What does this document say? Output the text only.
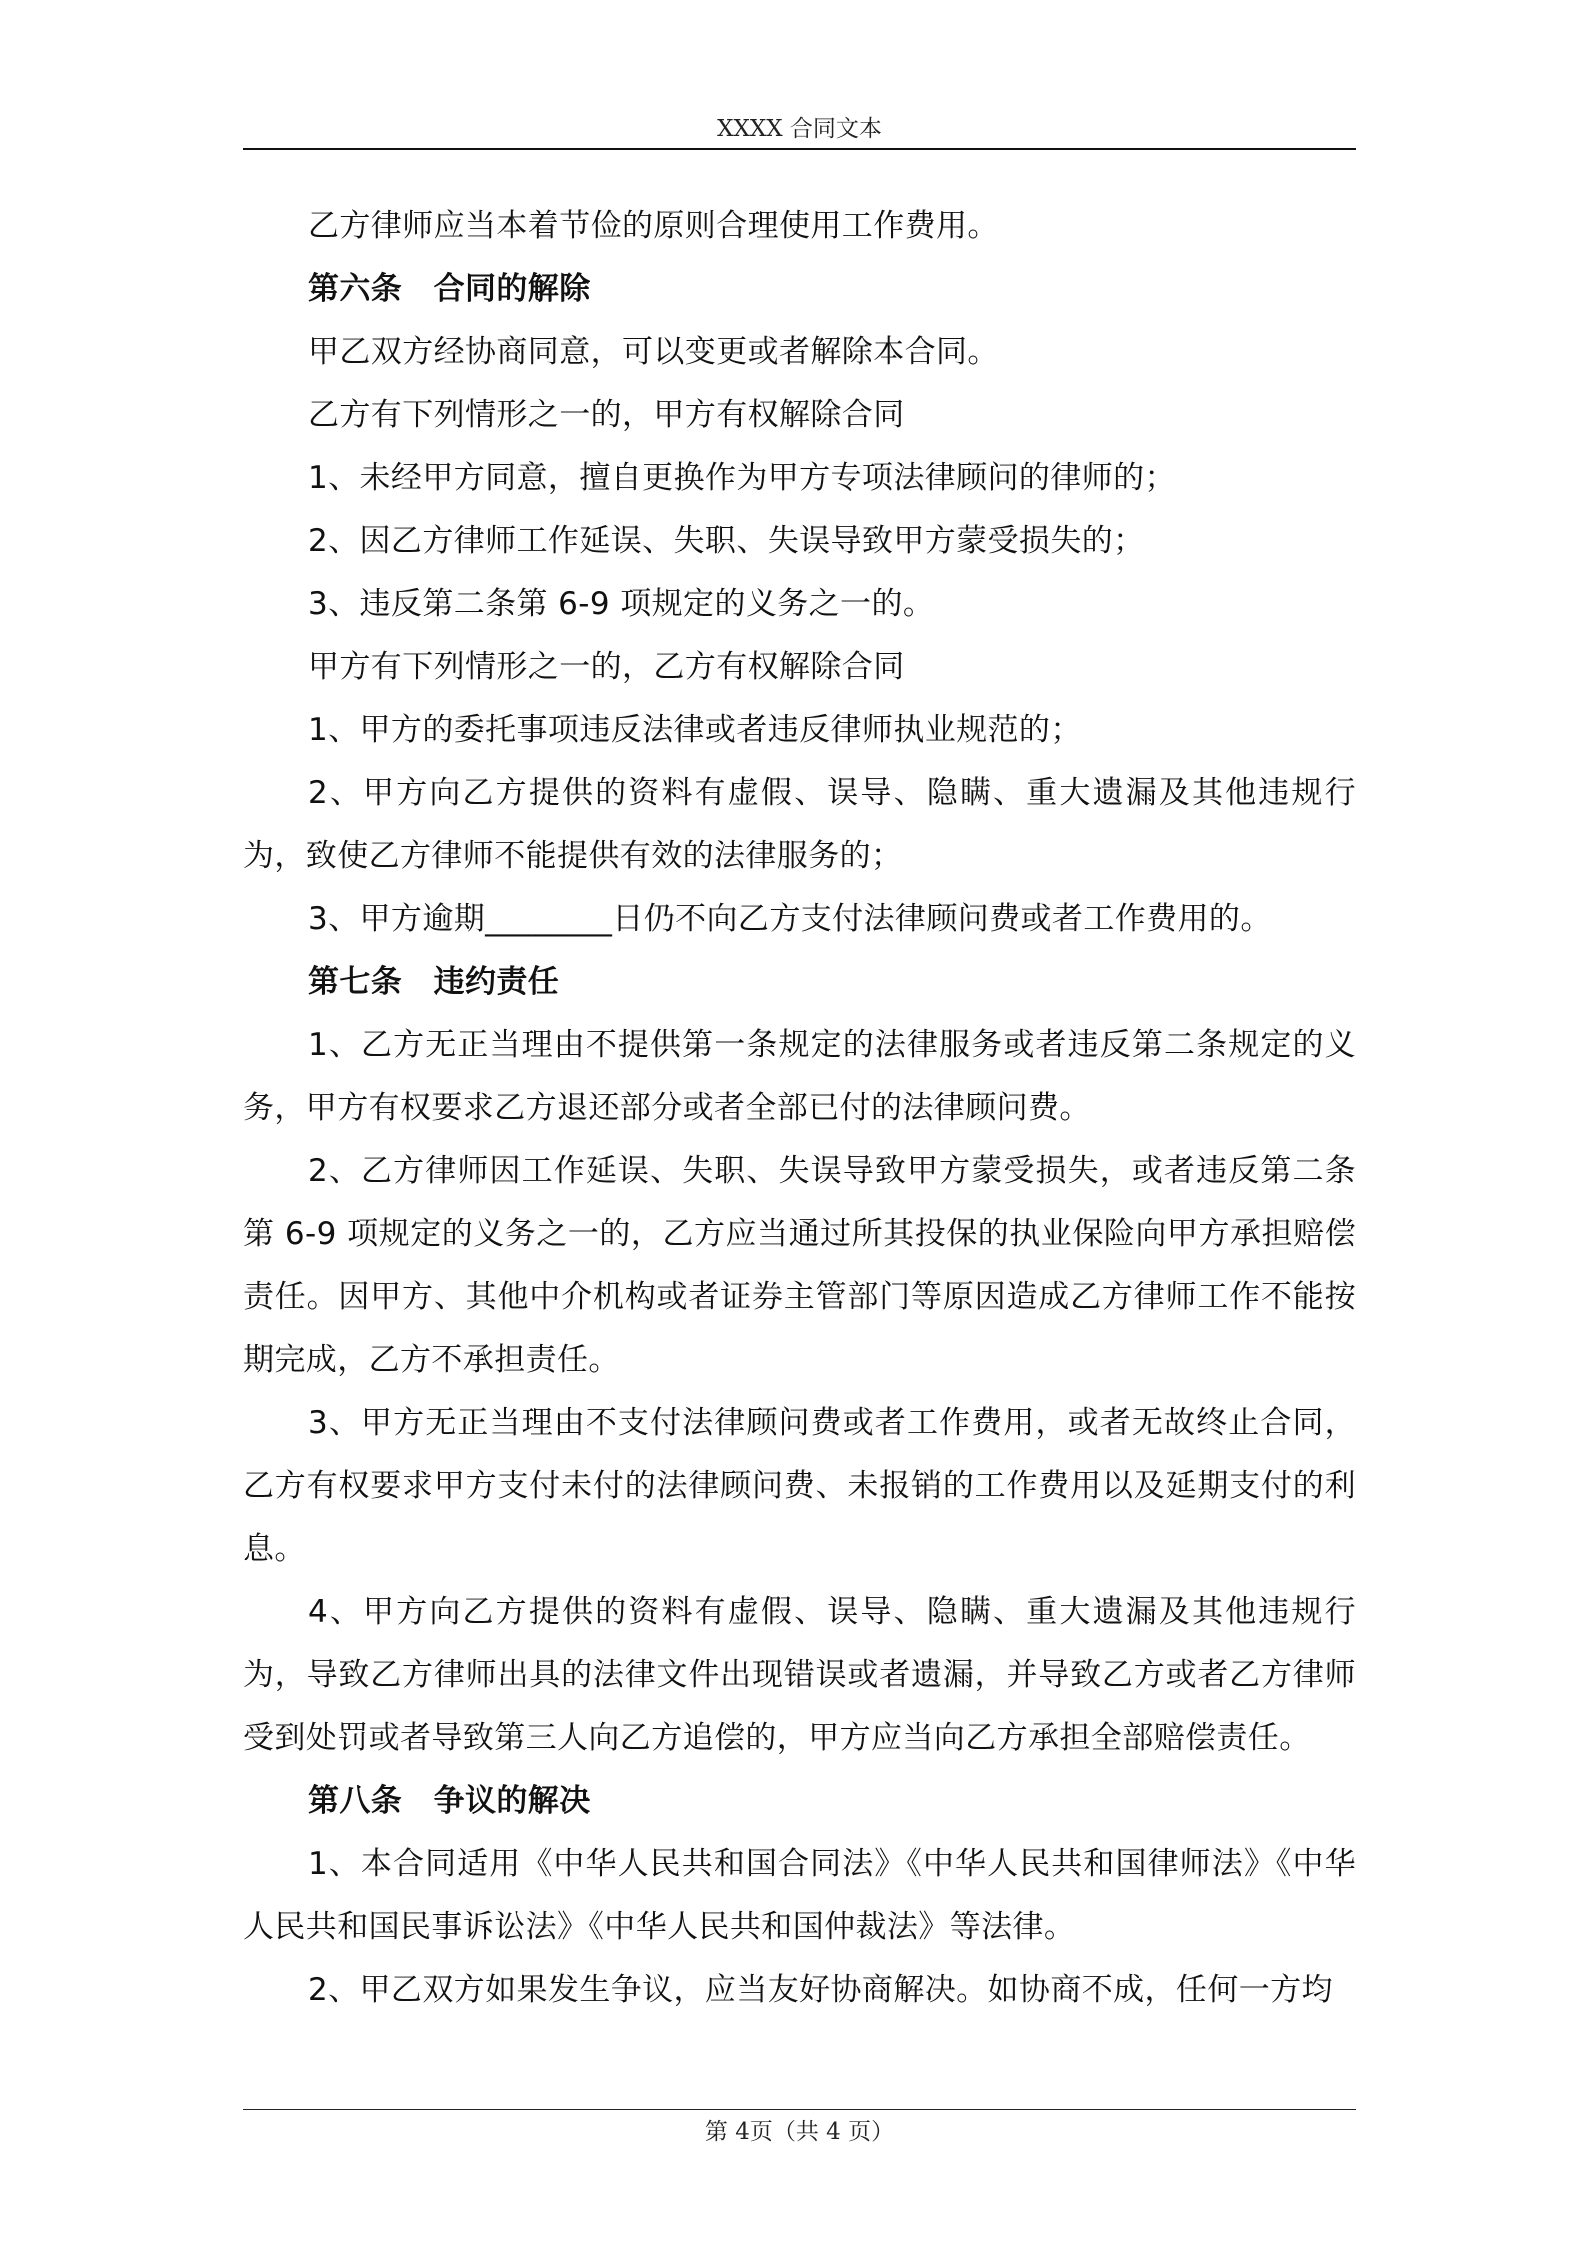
XXXX 合同文本

乙方律师应当本着节俭的原则合理使用工作费用。

第六条　合同的解除

甲乙双方经协商同意，可以变更或者解除本合同。

乙方有下列情形之一的，甲方有权解除合同

1、未经甲方同意，擅自更换作为甲方专项法律顾问的律师的；

2、因乙方律师工作延误、失职、失误导致甲方蒙受损失的；

3、违反第二条第 6-9 项规定的义务之一的。

甲方有下列情形之一的，乙方有权解除合同

1、甲方的委托事项违反法律或者违反律师执业规范的；

2、甲方向乙方提供的资料有虚假、误导、隐瞒、重大遗漏及其他违规行为，致使乙方律师不能提供有效的法律服务的；

3、甲方逾期________日仍不向乙方支付法律顾问费或者工作费用的。

第七条　违约责任

1、乙方无正当理由不提供第一条规定的法律服务或者违反第二条规定的义务，甲方有权要求乙方退还部分或者全部已付的法律顾问费。

2、乙方律师因工作延误、失职、失误导致甲方蒙受损失，或者违反第二条第 6-9 项规定的义务之一的，乙方应当通过所其投保的执业保险向甲方承担赔偿责任。因甲方、其他中介机构或者证券主管部门等原因造成乙方律师工作不能按期完成，乙方不承担责任。

3、甲方无正当理由不支付法律顾问费或者工作费用，或者无故终止合同，乙方有权要求甲方支付未付的法律顾问费、未报销的工作费用以及延期支付的利息。

4、甲方向乙方提供的资料有虚假、误导、隐瞒、重大遗漏及其他违规行为，导致乙方律师出具的法律文件出现错误或者遗漏，并导致乙方或者乙方律师受到处罚或者导致第三人向乙方追偿的，甲方应当向乙方承担全部赔偿责任。

第八条　争议的解决

1、本合同适用《中华人民共和国合同法》《中华人民共和国律师法》《中华人民共和国民事诉讼法》《中华人民共和国仲裁法》等法律。

2、甲乙双方如果发生争议，应当友好协商解决。如协商不成，任何一方均

第 4页（共 4 页）
